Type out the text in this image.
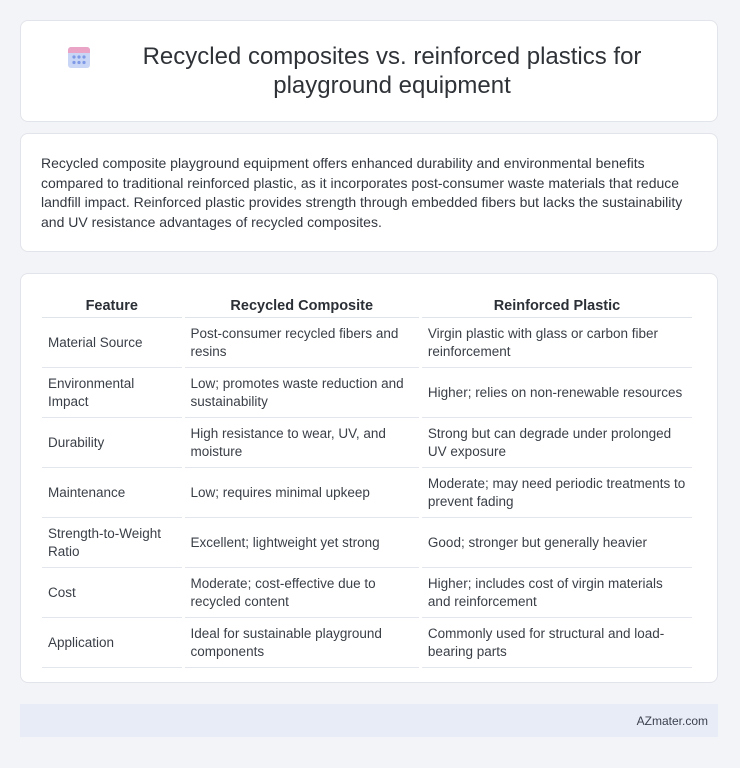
Recycled composites vs. reinforced plastics for playground equipment

Recycled composite playground equipment offers enhanced durability and environmental benefits compared to traditional reinforced plastic, as it incorporates post-consumer waste materials that reduce landfill impact. Reinforced plastic provides strength through embedded fibers but lacks the sustainability and UV resistance advantages of recycled composites.

Feature	Recycled Composite	Reinforced Plastic
Material Source	Post-consumer recycled fibers and resins	Virgin plastic with glass or carbon fiber reinforcement
Environmental Impact	Low; promotes waste reduction and sustainability	Higher; relies on non-renewable resources
Durability	High resistance to wear, UV, and moisture	Strong but can degrade under prolonged UV exposure
Maintenance	Low; requires minimal upkeep	Moderate; may need periodic treatments to prevent fading
Strength-to-Weight Ratio	Excellent; lightweight yet strong	Good; stronger but generally heavier
Cost	Moderate; cost-effective due to recycled content	Higher; includes cost of virgin materials and reinforcement
Application	Ideal for sustainable playground components	Commonly used for structural and load-bearing parts
AZmater.com
